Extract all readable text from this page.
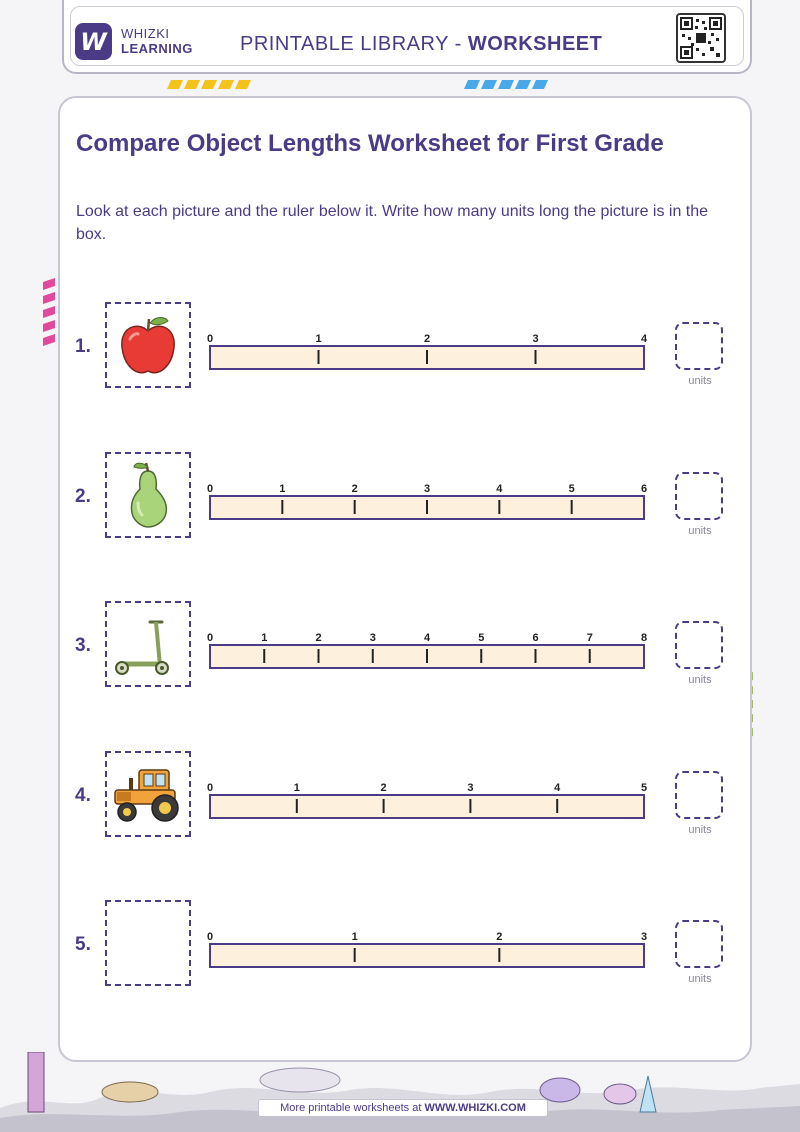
W	WHIZKI
LEARNING PRINTABLE LIBRARY - WORKSHEET
Compare Object Lengths Worksheet for First Grade
Look at each picture and the ruler below it. Write how many units long the picture is in the box.
1.	0	1	2	3	4
units
2.	0	1	2	3	4	5	6
units
3.	0	1	2	3	4	5	6	7	8
units
4.	0	1	2	3	4	5
units
5.	0	1	2	3
units
More printable worksheets at WWW.WHIZKI.COM
